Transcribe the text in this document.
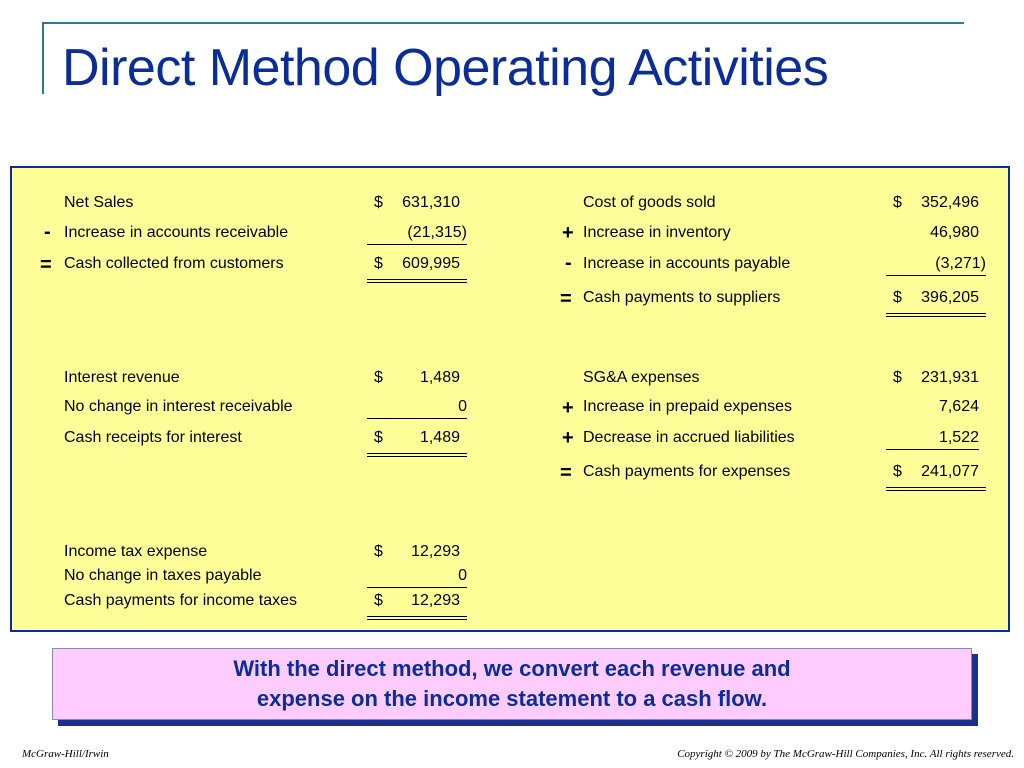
Direct Method Operating Activities
Net Sales	$	631,310
- Increase in accounts receivable	(21,315)
= Cash collected from customers	$	609,995
Cost of goods sold	$	352,496
+ Increase in inventory	46,980
- Increase in accounts payable	(3,271)
= Cash payments to suppliers	$	396,205
Interest revenue	$	1,489
No change in interest receivable	0
Cash receipts for interest	$	1,489
SG&A expenses	$	231,931
+ Increase in prepaid expenses	7,624
+ Decrease in accrued liabilities	1,522
= Cash payments for expenses	$	241,077
Income tax expense	$	12,293
No change in taxes payable	0
Cash payments for income taxes	$	12,293
With the direct method, we convert each revenue and
expense on the income statement to a cash flow.
McGraw-Hill/Irwin	Copyright © 2009 by The McGraw-Hill Companies, Inc. All rights reserved.
